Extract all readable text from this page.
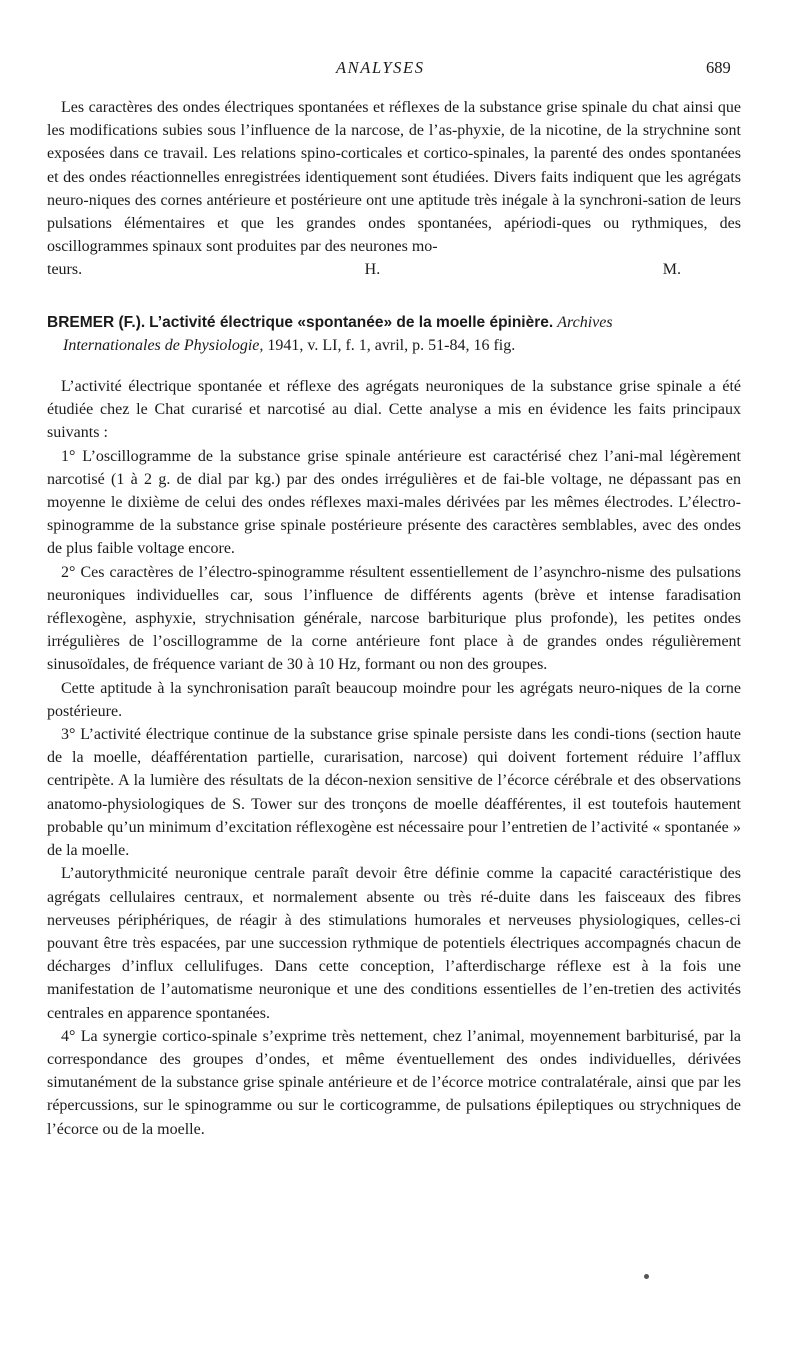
ANALYSES	689

Les caractères des ondes électriques spontanées et réflexes de la substance grise spinale du chat ainsi que les modifications subies sous l’influence de la narcose, de l’as-phyxie, de la nicotine, de la strychnine sont exposées dans ce travail. Les relations spino-corticales et cortico-spinales, la parenté des ondes spontanées et des ondes réactionnelles enregistrées identiquement sont étudiées. Divers faits indiquent que les agrégats neuro-niques des cornes antérieure et postérieure ont une aptitude très inégale à la synchroni-sation de leurs pulsations élémentaires et que les grandes ondes spontanées, apériodi-ques ou rythmiques, des oscillogrammes spinaux sont produites par des neurones mo-

teurs.	H. M.

BREMER (F.). L’activité électrique «spontanée» de la moelle épinière. Archives
Internationales de Physiologie, 1941, v. LI, f. 1, avril, p. 51-84, 16 fig.

L’activité électrique spontanée et réflexe des agrégats neuroniques de la substance grise spinale a été étudiée chez le Chat curarisé et narcotisé au dial. Cette analyse a mis en évidence les faits principaux suivants :

1° L’oscillogramme de la substance grise spinale antérieure est caractérisé chez l’ani-mal légèrement narcotisé (1 à 2 g. de dial par kg.) par des ondes irrégulières et de fai-ble voltage, ne dépassant pas en moyenne le dixième de celui des ondes réflexes maxi-males dérivées par les mêmes électrodes. L’électro-spinogramme de la substance grise spinale postérieure présente des caractères semblables, avec des ondes de plus faible voltage encore.

2° Ces caractères de l’électro-spinogramme résultent essentiellement de l’asynchro-nisme des pulsations neuroniques individuelles car, sous l’influence de différents agents (brève et intense faradisation réflexogène, asphyxie, strychnisation générale, narcose barbiturique plus profonde), les petites ondes irrégulières de l’oscillogramme de la corne antérieure font place à de grandes ondes régulièrement sinusoïdales, de fréquence variant de 30 à 10 Hz, formant ou non des groupes.

Cette aptitude à la synchronisation paraît beaucoup moindre pour les agrégats neuro-niques de la corne postérieure.

3° L’activité électrique continue de la substance grise spinale persiste dans les condi-tions (section haute de la moelle, déafférentation partielle, curarisation, narcose) qui doivent fortement réduire l’afflux centripète. A la lumière des résultats de la décon-nexion sensitive de l’écorce cérébrale et des observations anatomo-physiologiques de S. Tower sur des tronçons de moelle déafférentes, il est toutefois hautement probable qu’un minimum d’excitation réflexogène est nécessaire pour l’entretien de l’activité « spontanée » de la moelle.

L’autorythmicité neuronique centrale paraît devoir être définie comme la capacité caractéristique des agrégats cellulaires centraux, et normalement absente ou très ré-duite dans les faisceaux des fibres nerveuses périphériques, de réagir à des stimulations humorales et nerveuses physiologiques, celles-ci pouvant être très espacées, par une succession rythmique de potentiels électriques accompagnés chacun de décharges d’influx cellulifuges. Dans cette conception, l’afterdischarge réflexe est à la fois une manifestation de l’automatisme neuronique et une des conditions essentielles de l’en-tretien des activités centrales en apparence spontanées.

4° La synergie cortico-spinale s’exprime très nettement, chez l’animal, moyennement barbiturisé, par la correspondance des groupes d’ondes, et même éventuellement des ondes individuelles, dérivées simutanément de la substance grise spinale antérieure et de l’écorce motrice contralatérale, ainsi que par les répercussions, sur le spinogramme ou sur le corticogramme, de pulsations épileptiques ou strychniques de l’écorce ou de la moelle.
